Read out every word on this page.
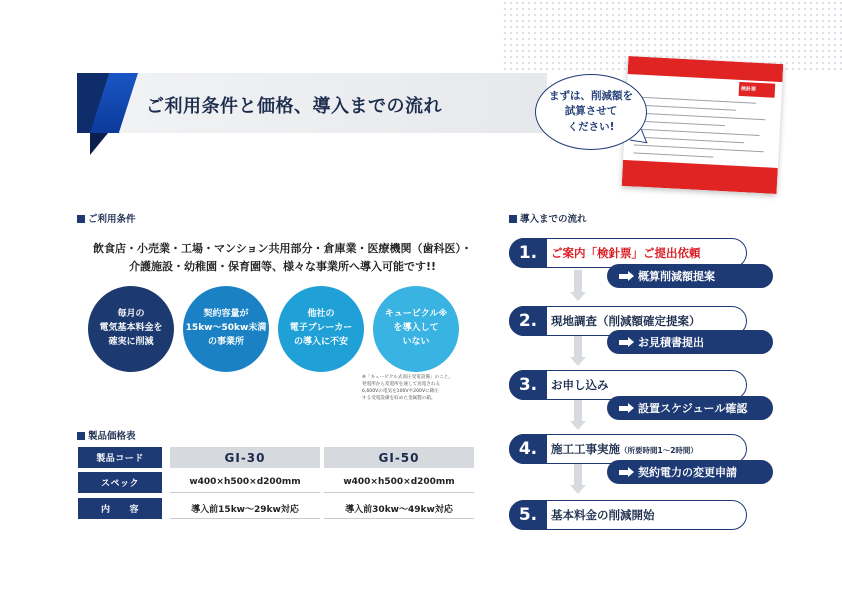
ご利用条件と価格、導入までの流れ
検針票
まずは、削減額を
試算させて
ください!
ご利用条件
飲食店・小売業・工場・マンション共用部分・倉庫業・医療機関（歯科医）・
介護施設・幼稚園・保育園等、様々な事業所へ導入可能です!!
毎月の
電気基本料金を
確実に削減
契約容量が
15kw〜50kw未満
の事業所
他社の
電子ブレーカー
の導入に不安
キュービクル※
を導入して
いない
※「キュービクル式高圧受電設備」のこと。
発電所から変電所を通して送電される
6,600Vの電気を100Vや200Vに降圧
する受電設備を収めた金属製の箱。
製品価格表
製品コード	GI-30	GI-50
スペック	w400×h500×d200mm	w400×h500×d200mm
内　　容	導入前15kw〜29kw対応	導入前30kw〜49kw対応
導入までの流れ
1.	ご案内「検針票」ご提出依頼
概算削減額提案
2.	現地調査（削減額確定提案）
お見積書提出
3.	お申し込み
設置スケジュール確認
4.	施工工事実施（所要時間1〜2時間）
契約電力の変更申請
5.	基本料金の削減開始
